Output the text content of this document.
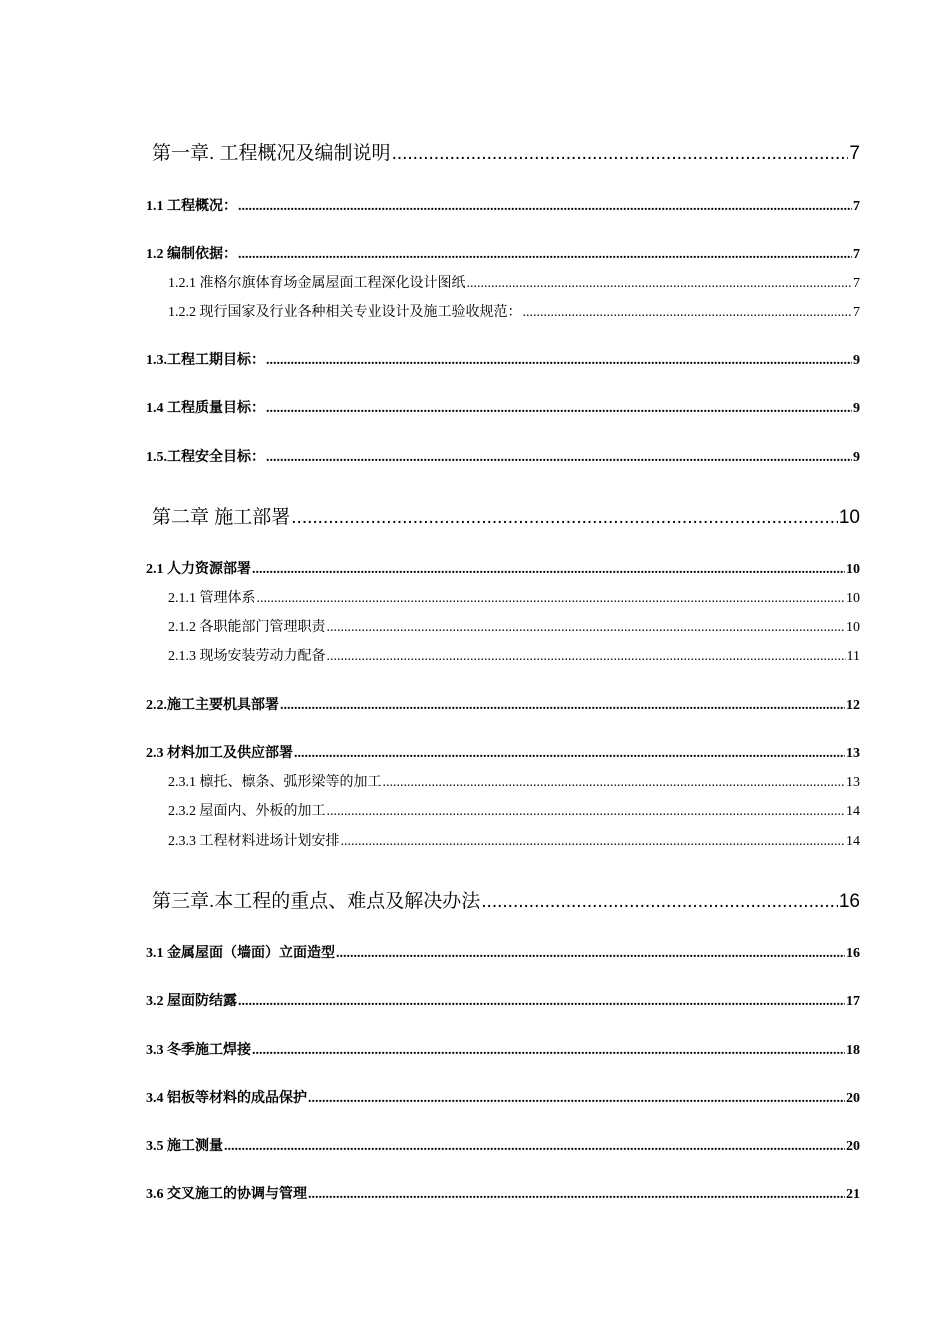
第一章. 工程概况及编制说明 .....	7
1.1 工程概况： .....	7
1.2 编制依据： .....	7
1.2.1 准格尔旗体育场金属屋面工程深化设计图纸 .....	7
1.2.2 现行国家及行业各种相关专业设计及施工验收规范： .....	7
1.3.工程工期目标： .....	9
1.4 工程质量目标： .....	9
1.5.工程安全目标： .....	9
第二章 施工部署 .....	10
2.1 人力资源部署 .....	10
2.1.1 管理体系 .....	10
2.1.2 各职能部门管理职责 .....	10
2.1.3 现场安装劳动力配备 .....	11
2.2.施工主要机具部署 .....	12
2.3 材料加工及供应部署 .....	13
2.3.1 檩托、檩条、弧形梁等的加工 .....	13
2.3.2 屋面内、外板的加工 .....	14
2.3.3 工程材料进场计划安排 .....	14
第三章.本工程的重点、难点及解决办法 .....	16
3.1 金属屋面（墙面）立面造型 .....	16
3.2 屋面防结露 .....	17
3.3 冬季施工焊接 .....	18
3.4 铝板等材料的成品保护 .....	20
3.5 施工测量 .....	20
3.6 交叉施工的协调与管理 .....	21
